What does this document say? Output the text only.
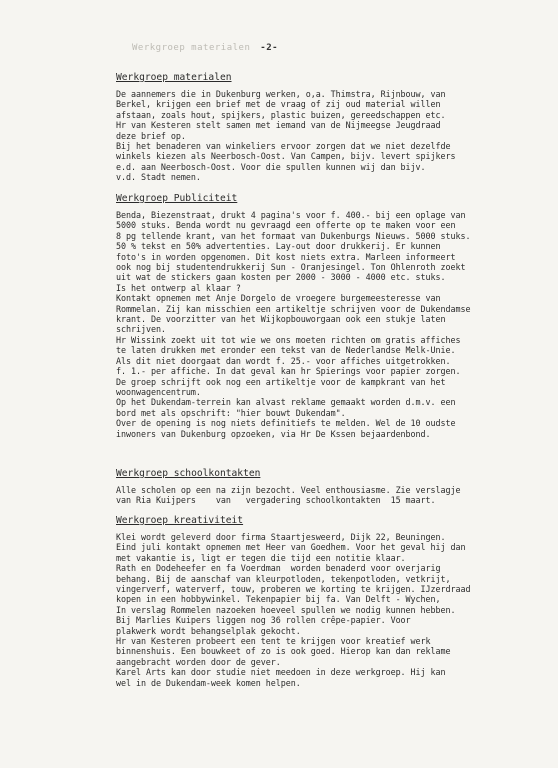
Werkgroep materialen -2-
Werkgroep materialen
De aannemers die in Dukenburg werken, o,a. Thimstra, Rijnbouw, van
Berkel, krijgen een brief met de vraag of zij oud material willen
afstaan, zoals hout, spijkers, plastic buizen, gereedschappen etc.
Hr van Kesteren stelt samen met iemand van de Nijmeegse Jeugdraad
deze brief op.
Bij het benaderen van winkeliers ervoor zorgen dat we niet dezelfde
winkels kiezen als Neerbosch-Oost. Van Campen, bijv. levert spijkers
e.d. aan Neerbosch-Oost. Voor die spullen kunnen wij dan bijv.
v.d. Stadt nemen.
Werkgroep Publiciteit
Benda, Biezenstraat, drukt 4 pagina's voor f. 400.- bij een oplage van
5000 stuks. Benda wordt nu gevraagd een offerte op te maken voor een
8 pg tellende krant, van het formaat van Dukenburgs Nieuws. 5000 stuks.
50 % tekst en 50% advertenties. Lay-out door drukkerij. Er kunnen
foto's in worden opgenomen. Dit kost niets extra. Marleen informeert
ook nog bij studentendrukkerij Sun - Oranjesingel. Ton Ohlenroth zoekt
uit wat de stickers gaan kosten per 2000 - 3000 - 4000 etc. stuks.
Is het ontwerp al klaar ?
Kontakt opnemen met Anje Dorgelo de vroegere burgemeesteresse van
Rommelan. Zij kan misschien een artikeltje schrijven voor de Dukendamse
krant. De voorzitter van het Wijkopbouworgaan ook een stukje laten
schrijven.
Hr Wissink zoekt uit tot wie we ons moeten richten om gratis affiches
te laten drukken met eronder een tekst van de Nederlandse Melk-Unie.
Als dit niet doorgaat dan wordt f. 25.- voor affiches uitgetrokken.
f. 1.- per affiche. In dat geval kan hr Spierings voor papier zorgen.
De groep schrijft ook nog een artikeltje voor de kampkrant van het
woonwagencentrum.
Op het Dukendam-terrein kan alvast reklame gemaakt worden d.m.v. een
bord met als opschrift: "hier bouwt Dukendam".
Over de opening is nog niets definitiefs te melden. Wel de 10 oudste
inwoners van Dukenburg opzoeken, via Hr De Kssen bejaardenbond.
Werkgroep schoolkontakten
Alle scholen op een na zijn bezocht. Veel enthousiasme. Zie verslagje
van Ria Kuijpers    van   vergadering schoolkontakten  15 maart.
Werkgroep kreativiteit
Klei wordt geleverd door firma Staartjesweerd, Dijk 22, Beuningen.
Eind juli kontakt opnemen met Heer van Goedhem. Voor het geval hij dan
met vakantie is, ligt er tegen die tijd een notitie klaar.
Rath en Dodeheefer en fa Voerdman  worden benaderd voor overjarig
behang. Bij de aanschaf van kleurpotloden, tekenpotloden, vetkrijt,
vingerverf, waterverf, touw, proberen we korting te krijgen. IJzerdraad
kopen in een hobbywinkel. Tekenpapier bij fa. Van Delft - Wychen,
In verslag Rommelen nazoeken hoeveel spullen we nodig kunnen hebben.
Bij Marlies Kuipers liggen nog 36 rollen crêpe-papier. Voor
plakwerk wordt behangselplak gekocht.
Hr van Kesteren probeert een tent te krijgen voor kreatief werk
binnenshuis. Een bouwkeet of zo is ook goed. Hierop kan dan reklame
aangebracht worden door de gever.
Karel Arts kan door studie niet meedoen in deze werkgroep. Hij kan
wel in de Dukendam-week komen helpen.
